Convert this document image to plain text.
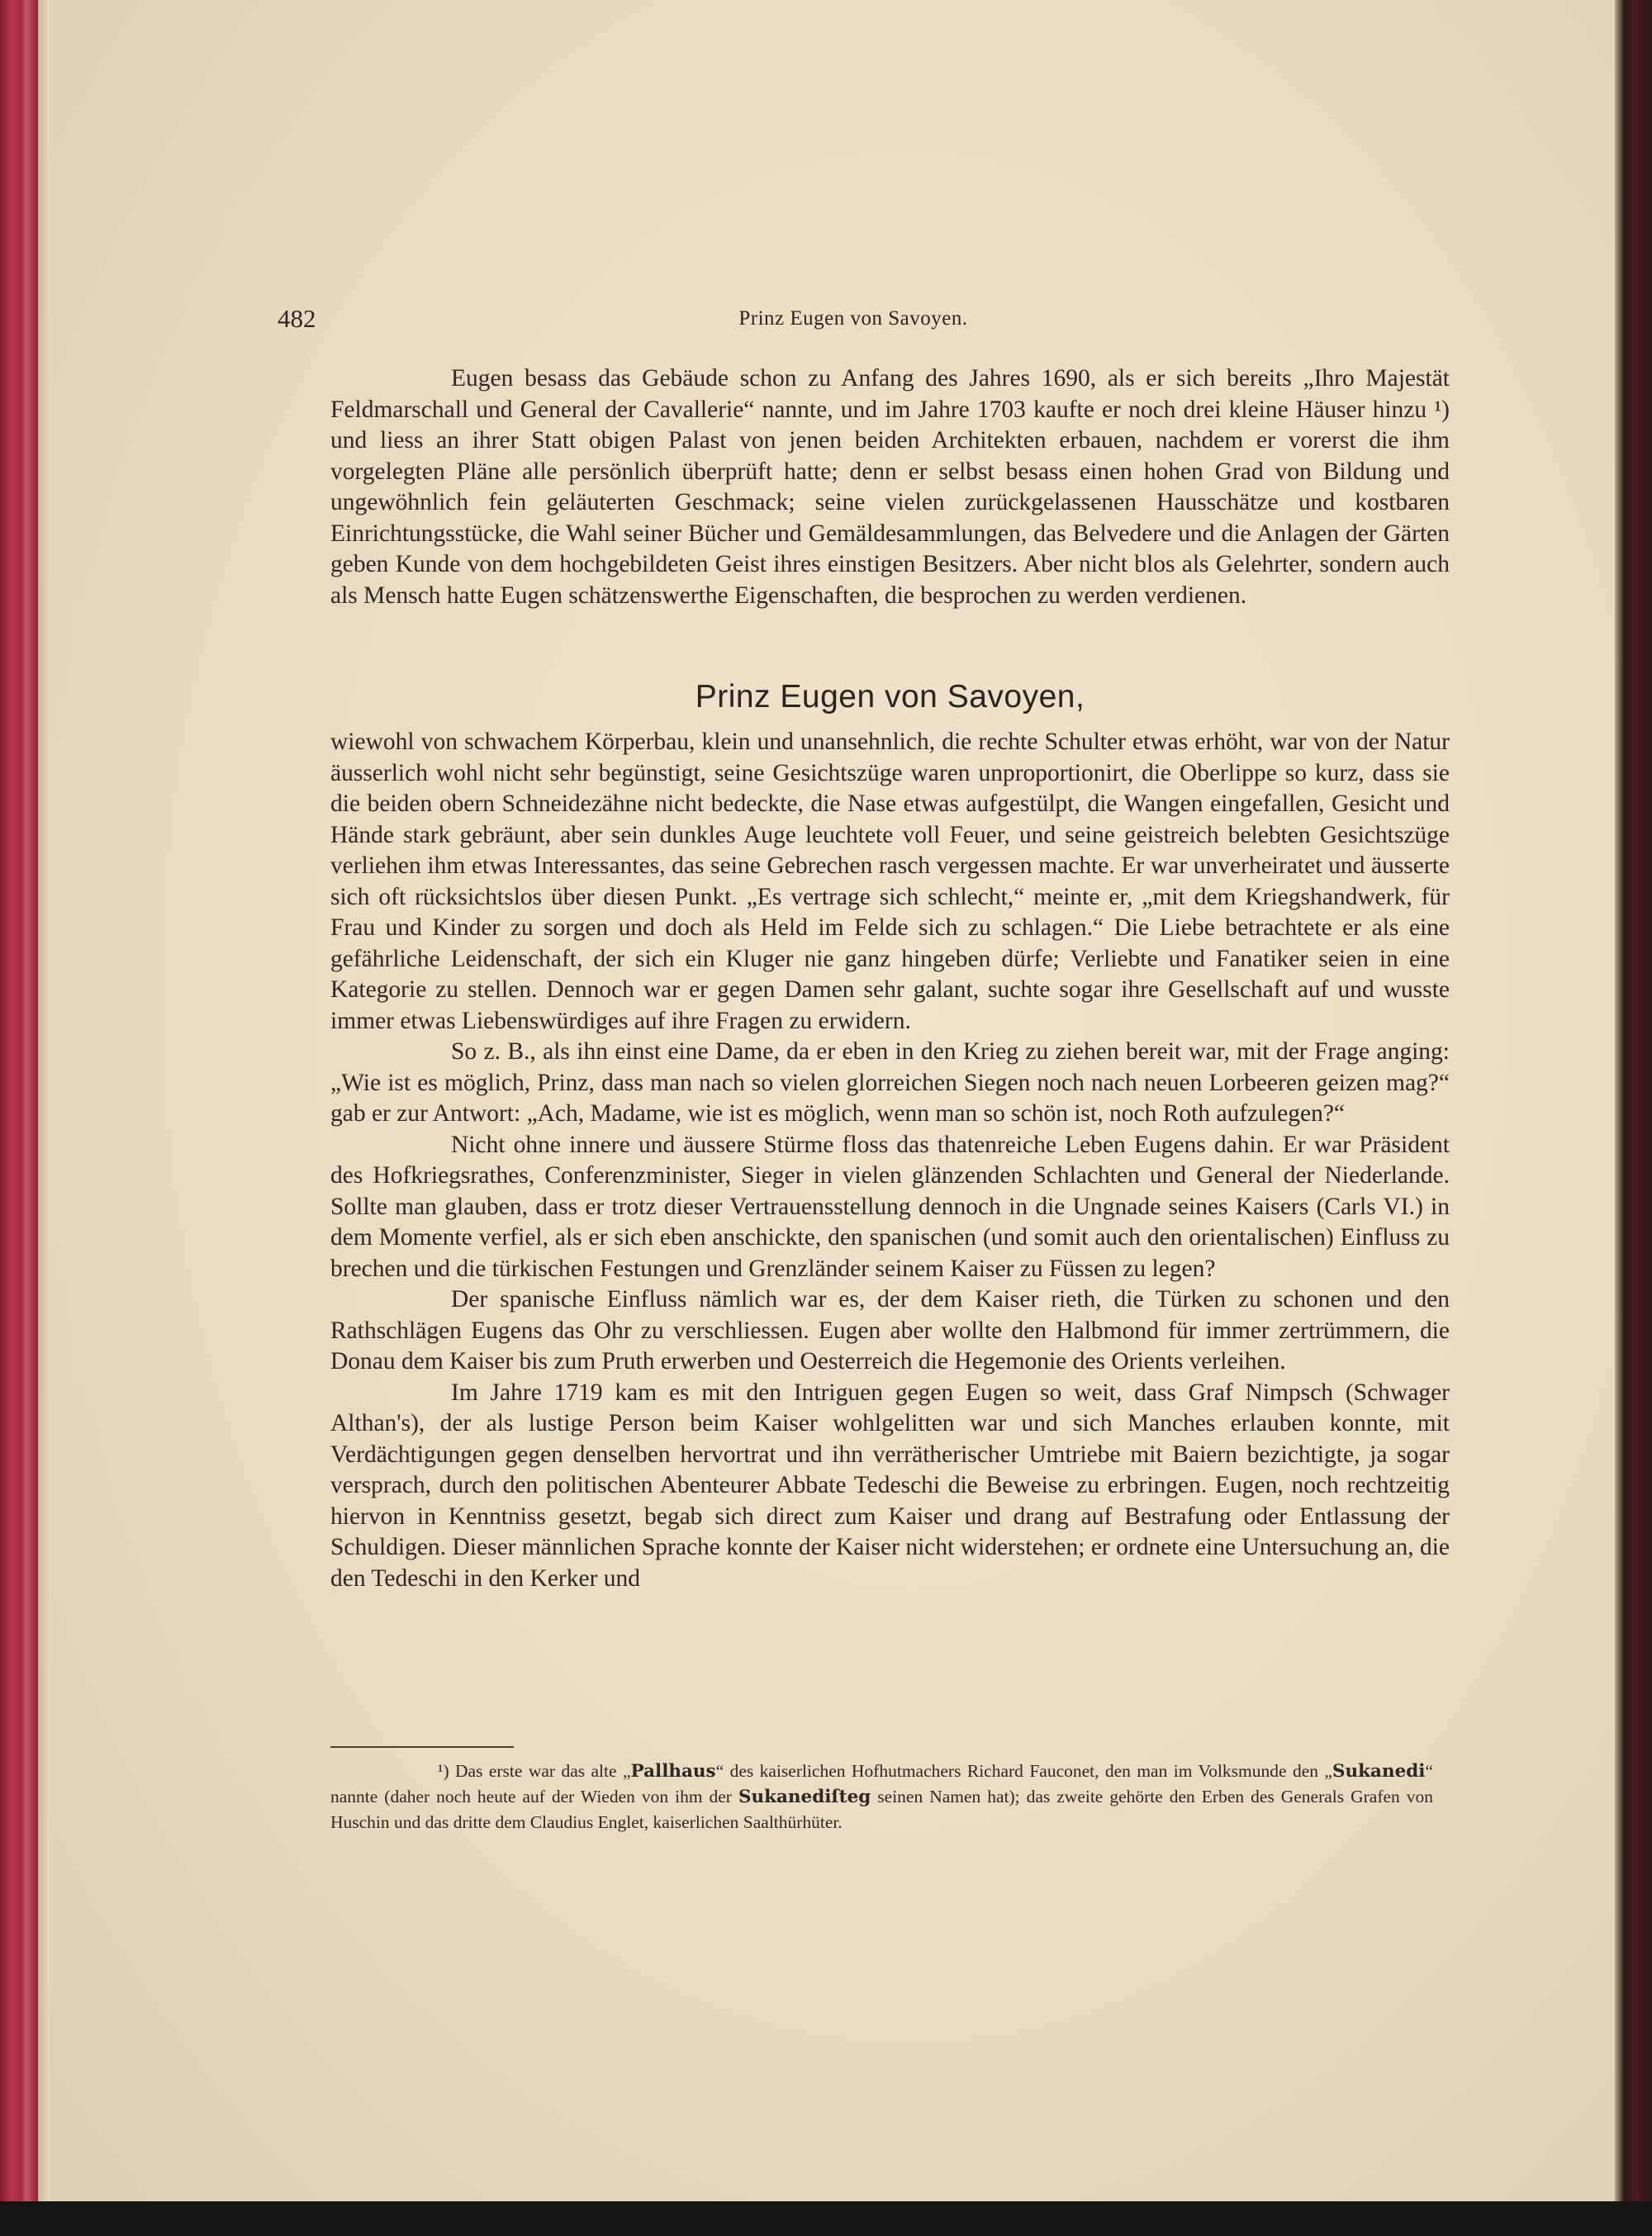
482	Prinz Eugen von Savoyen.

Eugen besass das Gebäude schon zu Anfang des Jahres 1690, als er sich bereits „Ihro Majestät Feldmarschall und General der Cavallerie“ nannte, und im Jahre 1703 kaufte er noch drei kleine Häuser hinzu ¹) und liess an ihrer Statt obigen Palast von jenen beiden Architekten erbauen, nachdem er vorerst die ihm vorgelegten Pläne alle persönlich überprüft hatte; denn er selbst besass einen hohen Grad von Bildung und ungewöhnlich fein geläuterten Geschmack; seine vielen zurückgelassenen Hausschätze und kostbaren Einrichtungsstücke, die Wahl seiner Bücher und Gemäldesammlungen, das Belvedere und die Anlagen der Gärten geben Kunde von dem hochgebildeten Geist ihres einstigen Besitzers. Aber nicht blos als Gelehrter, sondern auch als Mensch hatte Eugen schätzenswerthe Eigenschaften, die besprochen zu werden verdienen.

Prinz Eugen von Savoyen,

wiewohl von schwachem Körperbau, klein und unansehnlich, die rechte Schulter etwas erhöht, war von der Natur äusserlich wohl nicht sehr begünstigt, seine Gesichtszüge waren unproportionirt, die Oberlippe so kurz, dass sie die beiden obern Schneidezähne nicht bedeckte, die Nase etwas aufgestülpt, die Wangen eingefallen, Gesicht und Hände stark gebräunt, aber sein dunkles Auge leuchtete voll Feuer, und seine geistreich belebten Gesichtszüge verliehen ihm etwas Interessantes, das seine Gebrechen rasch vergessen machte. Er war unverheiratet und äusserte sich oft rücksichtslos über diesen Punkt. „Es vertrage sich schlecht,“ meinte er, „mit dem Kriegshandwerk, für Frau und Kinder zu sorgen und doch als Held im Felde sich zu schlagen.“ Die Liebe betrachtete er als eine gefährliche Leidenschaft, der sich ein Kluger nie ganz hingeben dürfe; Verliebte und Fanatiker seien in eine Kategorie zu stellen. Dennoch war er gegen Damen sehr galant, suchte sogar ihre Gesellschaft auf und wusste immer etwas Liebenswürdiges auf ihre Fragen zu erwidern.

So z. B., als ihn einst eine Dame, da er eben in den Krieg zu ziehen bereit war, mit der Frage anging: „Wie ist es möglich, Prinz, dass man nach so vielen glorreichen Siegen noch nach neuen Lorbeeren geizen mag?“ gab er zur Antwort: „Ach, Madame, wie ist es möglich, wenn man so schön ist, noch Roth aufzulegen?“

Nicht ohne innere und äussere Stürme floss das thatenreiche Leben Eugens dahin. Er war Präsident des Hofkriegsrathes, Conferenzminister, Sieger in vielen glänzenden Schlachten und General der Niederlande. Sollte man glauben, dass er trotz dieser Vertrauensstellung dennoch in die Ungnade seines Kaisers (Carls VI.) in dem Momente verfiel, als er sich eben anschickte, den spanischen (und somit auch den orientalischen) Einfluss zu brechen und die türkischen Festungen und Grenzländer seinem Kaiser zu Füssen zu legen?

Der spanische Einfluss nämlich war es, der dem Kaiser rieth, die Türken zu schonen und den Rathschlägen Eugens das Ohr zu verschliessen. Eugen aber wollte den Halbmond für immer zertrümmern, die Donau dem Kaiser bis zum Pruth erwerben und Oesterreich die Hegemonie des Orients verleihen.

Im Jahre 1719 kam es mit den Intriguen gegen Eugen so weit, dass Graf Nimpsch (Schwager Althan's), der als lustige Person beim Kaiser wohlgelitten war und sich Manches erlauben konnte, mit Verdächtigungen gegen denselben hervortrat und ihn verrätherischer Umtriebe mit Baiern bezichtigte, ja sogar versprach, durch den politischen Abenteurer Abbate Tedeschi die Beweise zu erbringen. Eugen, noch rechtzeitig hiervon in Kenntniss gesetzt, begab sich direct zum Kaiser und drang auf Bestrafung oder Entlassung der Schuldigen. Dieser männlichen Sprache konnte der Kaiser nicht widerstehen; er ordnete eine Untersuchung an, die den Tedeschi in den Kerker und

¹) Das erste war das alte „Pallhaus“ des kaiserlichen Hofhutmachers Richard Fauconet, den man im Volksmunde den „Sukanedi“ nannte (daher noch heute auf der Wieden von ihm der Sukanediſteg seinen Namen hat); das zweite gehörte den Erben des Generals Grafen von Huschin und das dritte dem Claudius Englet, kaiserlichen Saalthürhüter.
